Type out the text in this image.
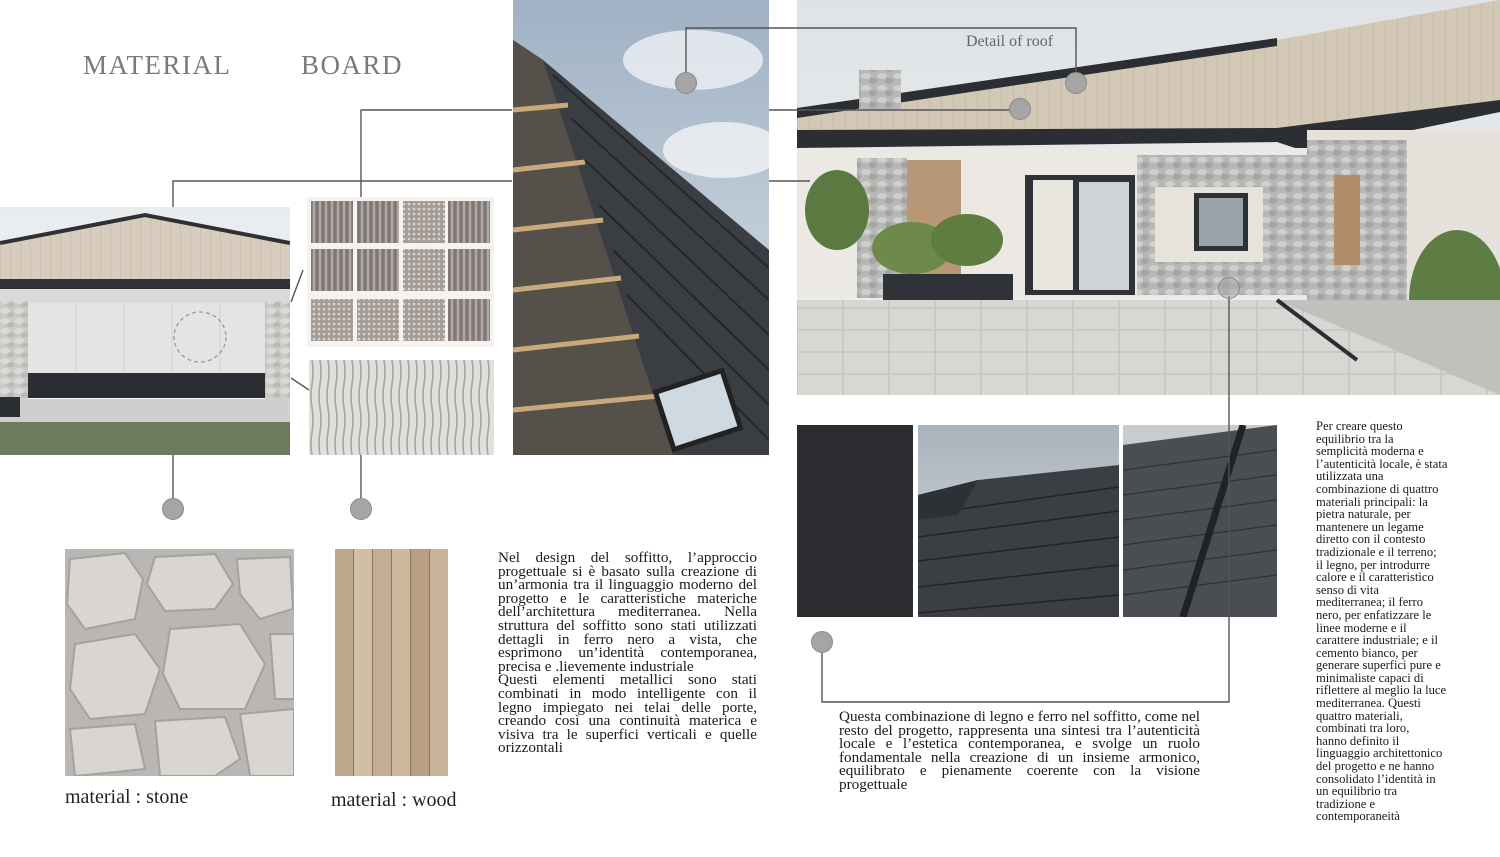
MATERIAL	BOARD
Detail of roof
material : stone	material : wood

Nel design del soffitto, l’approccio progettuale si è basato sulla creazione di un’armonia tra il linguaggio moderno del progetto e le caratteristiche materiche dell’architettura mediterranea. Nella struttura del soffitto sono stati utilizzati dettagli in ferro nero a vista, che esprimono un’identità contemporanea, precisa e .lievemente industriale

Questi elementi metallici sono stati combinati in modo intelligente con il legno impiegato nei telai delle porte, creando così una continuità materica e visiva tra le superfici verticali e quelle orizzontali

Questa combinazione di legno e ferro nel soffitto, come nel resto del progetto, rappresenta una sintesi tra l’autenticità locale e l’estetica contemporanea, e svolge un ruolo fondamentale nella creazione di un insieme armonico, equilibrato e pienamente coerente con la visione progettuale
Per creare questo
equilibrio tra la
semplicità moderna e
l’autenticità locale, è stata
utilizzata una
combinazione di quattro
materiali principali: la
pietra naturale, per
mantenere un legame
diretto con il contesto
tradizionale e il terreno;
il legno, per introdurre
calore e il caratteristico
senso di vita
mediterranea; il ferro
nero, per enfatizzare le
linee moderne e il
carattere industriale; e il
cemento bianco, per
generare superfici pure e
minimaliste capaci di
riflettere al meglio la luce
mediterranea. Questi
quattro materiali,
combinati tra loro,
hanno definito il
linguaggio architettonico
del progetto e ne hanno
consolidato l’identità in
un equilibrio tra
tradizione e
contemporaneità
